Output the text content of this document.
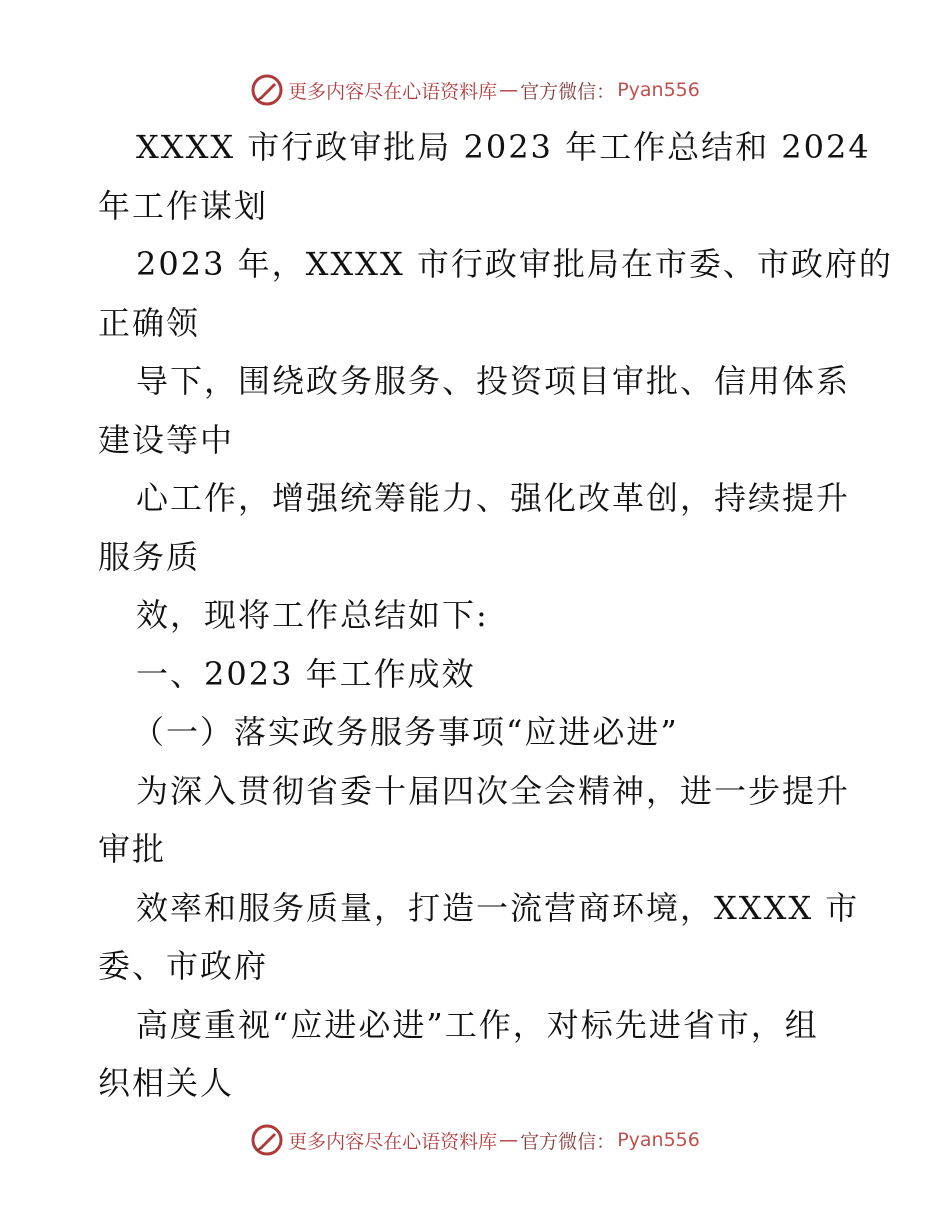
更多内容尽在心语资料库 — 官方微信： Pyan556
XXXX 市行政审批局 2023 年工作总结和 2024
年工作谋划
2023 年，XXXX 市行政审批局在市委、市政府的
正确领
导下，围绕政务服务、投资项目审批、信用体系
建设等中
心工作，增强统筹能力、强化改革创，持续提升
服务质
效，现将工作总结如下:
一、2023 年工作成效
（一）落实政务服务事项“应进必进”
为深入贯彻省委十届四次全会精神，进一步提升
审批
效率和服务质量，打造一流营商环境，XXXX 市
委、市政府
高度重视“应进必进”工作，对标先进省市，组
织相关人
更多内容尽在心语资料库 — 官方微信： Pyan556
